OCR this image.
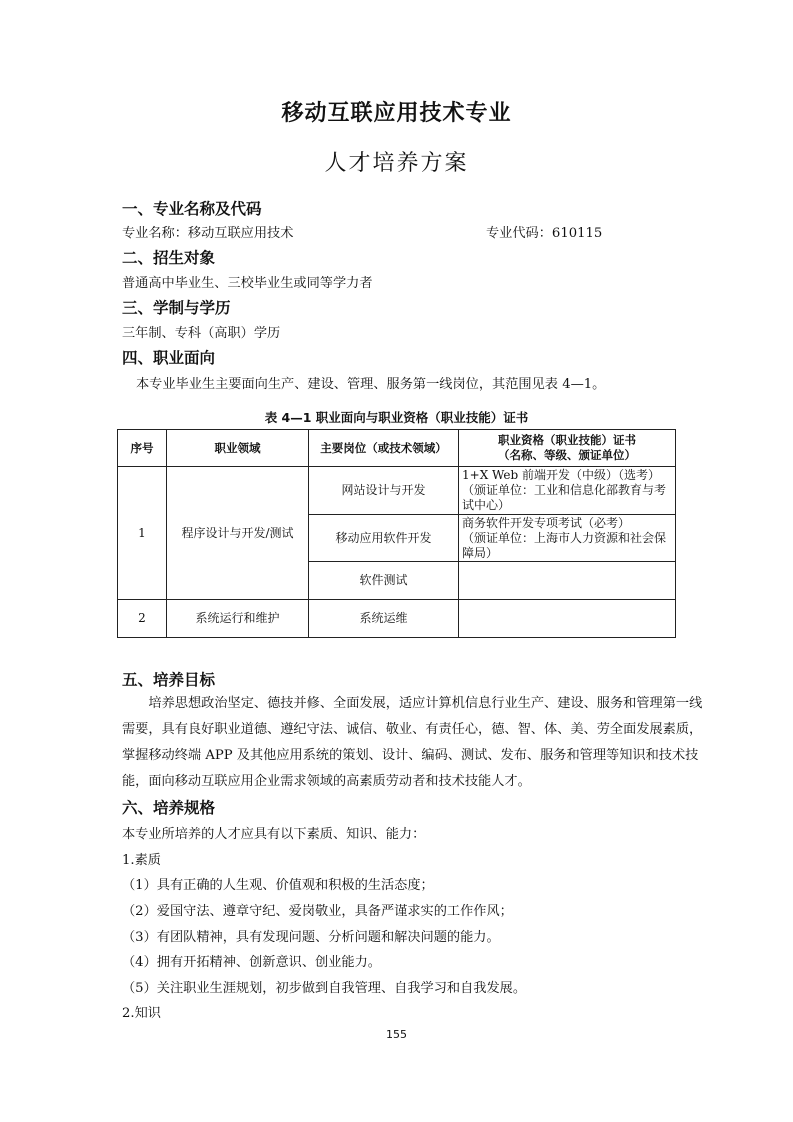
移动互联应用技术专业
人才培养方案
一、专业名称及代码
专业名称：移动互联应用技术	专业代码：610115
二、招生对象
普通高中毕业生、三校毕业生或同等学力者
三、学制与学历
三年制、专科（高职）学历
四、职业面向
本专业毕业生主要面向生产、建设、管理、服务第一线岗位，其范围见表 4—1。
表 4—1 职业面向与职业资格（职业技能）证书
序号	职业领域	主要岗位（或技术领域）	职业资格（职业技能）证书
（名称、等级、颁证单位）

1	程序设计与开发/测试	网站设计与开发	1+X Web 前端开发（中级）（选考）
（颁证单位：工业和信息化部教育与考试中心）
		移动应用软件开发	商务软件开发专项考试（必考）
（颁证单位：上海市人力资源和社会保障局）
		软件测试	
2	系统运行和维护	系统运维	
五、培养目标
培养思想政治坚定、德技并修、全面发展，适应计算机信息行业生产、建设、服务和管理第一线需要，具有良好职业道德、遵纪守法、诚信、敬业、有责任心，德、智、体、美、劳全面发展素质，掌握移动终端 APP 及其他应用系统的策划、设计、编码、测试、发布、服务和管理等知识和技术技能，面向移动互联应用企业需求领域的高素质劳动者和技术技能人才。
六、培养规格
本专业所培养的人才应具有以下素质、知识、能力：
1.素质
（1）具有正确的人生观、价值观和积极的生活态度；
（2）爱国守法、遵章守纪、爱岗敬业，具备严谨求实的工作作风；
（3）有团队精神，具有发现问题、分析问题和解决问题的能力。
（4）拥有开拓精神、创新意识、创业能力。
（5）关注职业生涯规划，初步做到自我管理、自我学习和自我发展。
2.知识
155
